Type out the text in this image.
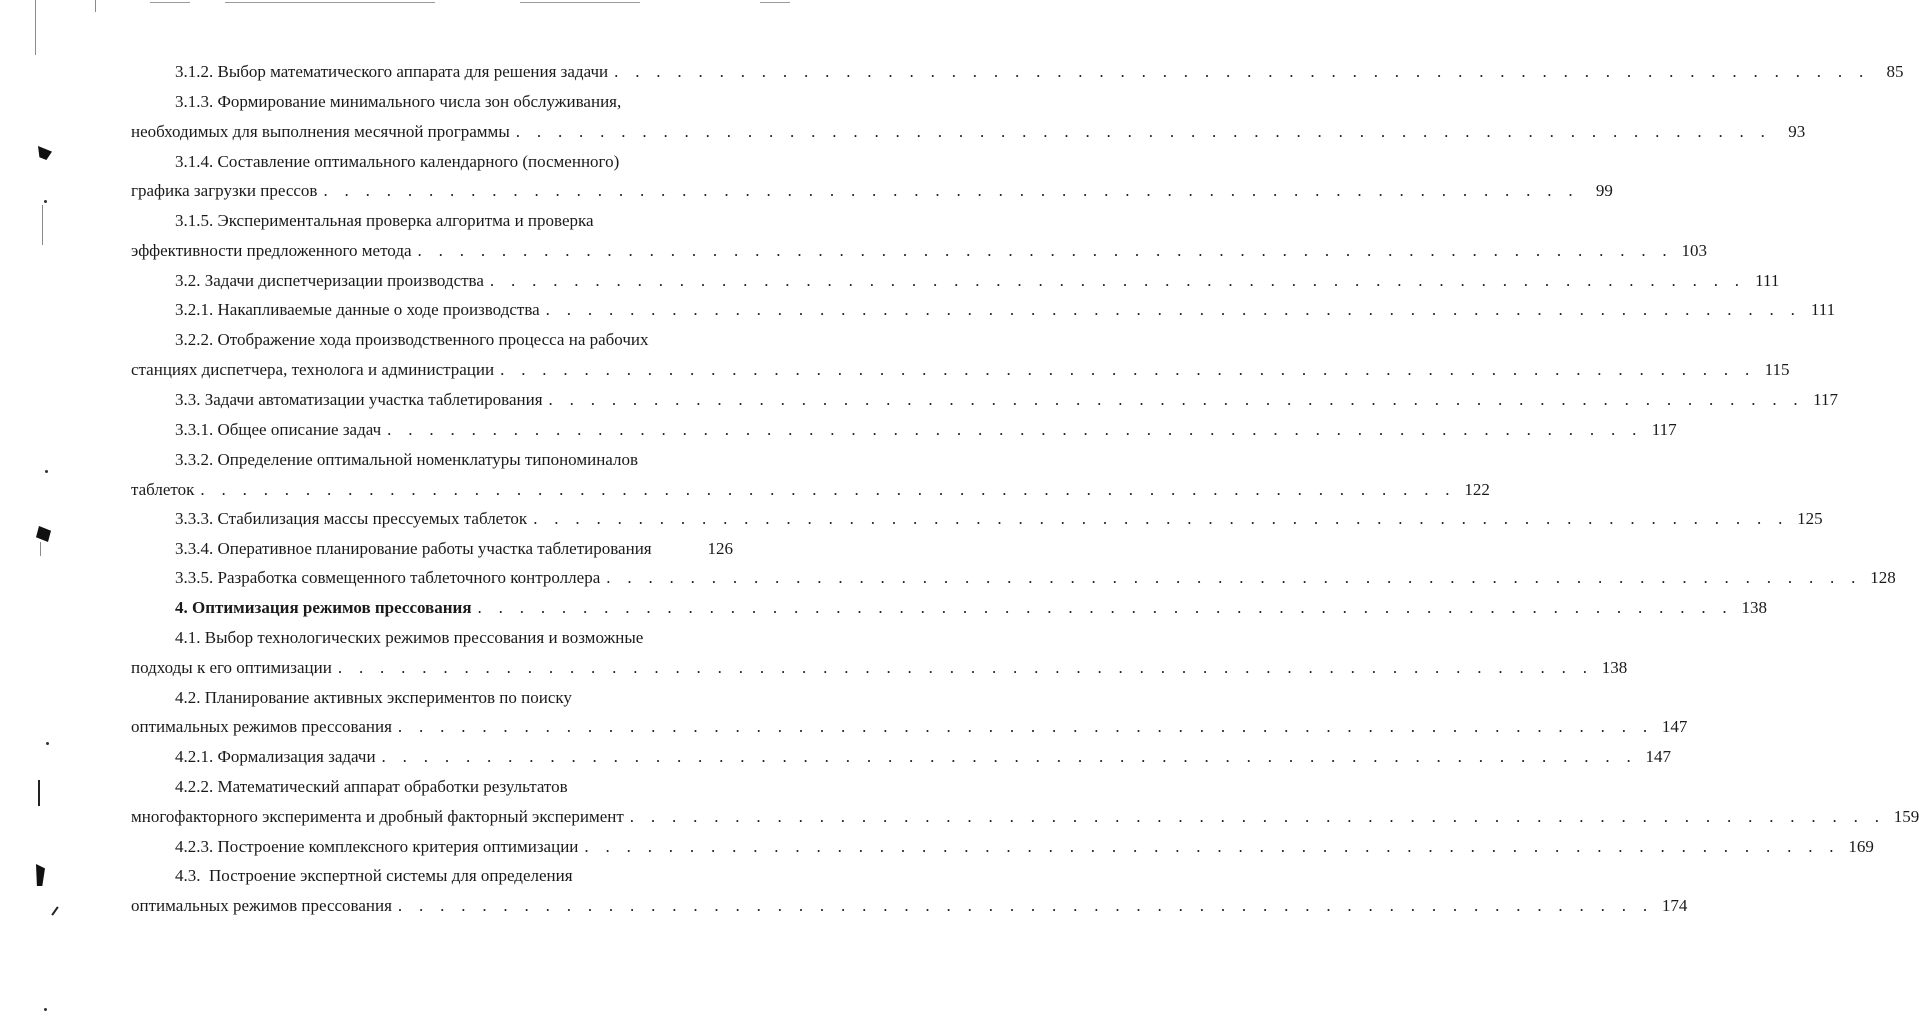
3.1.2. Выбор математического аппарата для решения задачи . . . . . . . . . . . . . . . . . . . . . . . . . . . . . . . . . . . . . . . . . . . . . . . . . . . . . . . . . . . .	85
3.1.3. Формирование минимального числа зон обслуживания,
необходимых для выполнения месячной программы . . . . . . . . . . . . . . . . . . . . . . . . . . . . . . . . . . . . . . . . . . . . . . . . . . . . . . . . . . . .	93
3.1.4. Составление оптимального календарного (посменного)
графика загрузки прессов . . . . . . . . . . . . . . . . . . . . . . . . . . . . . . . . . . . . . . . . . . . . . . . . . . . . . . . . . . . .	99
3.1.5. Экспериментальная проверка алгоритма и проверка
эффективности предложенного метода . . . . . . . . . . . . . . . . . . . . . . . . . . . . . . . . . . . . . . . . . . . . . . . . . . . . . . . . . . . . 103
3.2. Задачи диспетчеризации производства . . . . . . . . . . . . . . . . . . . . . . . . . . . . . . . . . . . . . . . . . . . . . . . . . . . . . . . . . . . . 111
3.2.1. Накапливаемые данные о ходе производства . . . . . . . . . . . . . . . . . . . . . . . . . . . . . . . . . . . . . . . . . . . . . . . . . . . . . . . . . . . . 111
3.2.2. Отображение хода производственного процесса на рабочих
станциях диспетчера, технолога и администрации . . . . . . . . . . . . . . . . . . . . . . . . . . . . . . . . . . . . . . . . . . . . . . . . . . . . . . . . . . . . 115
3.3. Задачи автоматизации участка таблетирования . . . . . . . . . . . . . . . . . . . . . . . . . . . . . . . . . . . . . . . . . . . . . . . . . . . . . . . . . . . . 117
3.3.1. Общее описание задач . . . . . . . . . . . . . . . . . . . . . . . . . . . . . . . . . . . . . . . . . . . . . . . . . . . . . . . . . . . . 117
3.3.2. Определение оптимальной номенклатуры типономиналов
таблеток . . . . . . . . . . . . . . . . . . . . . . . . . . . . . . . . . . . . . . . . . . . . . . . . . . . . . . . . . . . . 122
3.3.3. Стабилизация массы прессуемых таблеток . . . . . . . . . . . . . . . . . . . . . . . . . . . . . . . . . . . . . . . . . . . . . . . . . . . . . . . . . . . . 125
3.3.4. Оперативное планирование работы участка таблетирования	126
3.3.5. Разработка совмещенного таблеточного контроллера . . . . . . . . . . . . . . . . . . . . . . . . . . . . . . . . . . . . . . . . . . . . . . . . . . . . . . . . . . . . 128
4. Оптимизация режимов прессования . . . . . . . . . . . . . . . . . . . . . . . . . . . . . . . . . . . . . . . . . . . . . . . . . . . . . . . . . . . . 138
4.1. Выбор технологических режимов прессования и возможные
подходы к его оптимизации . . . . . . . . . . . . . . . . . . . . . . . . . . . . . . . . . . . . . . . . . . . . . . . . . . . . . . . . . . . . 138
4.2. Планирование активных экспериментов по поиску
оптимальных режимов прессования . . . . . . . . . . . . . . . . . . . . . . . . . . . . . . . . . . . . . . . . . . . . . . . . . . . . . . . . . . . . 147
4.2.1. Формализация задачи . . . . . . . . . . . . . . . . . . . . . . . . . . . . . . . . . . . . . . . . . . . . . . . . . . . . . . . . . . . . 147
4.2.2. Математический аппарат обработки результатов
многофакторного эксперимента и дробный факторный эксперимент . . . . . . . . . . . . . . . . . . . . . . . . . . . . . . . . . . . . . . . . . . . . . . . . . . . . . . . . . . . . 159
4.2.3. Построение комплексного критерия оптимизации . . . . . . . . . . . . . . . . . . . . . . . . . . . . . . . . . . . . . . . . . . . . . . . . . . . . . . . . . . . . 169
4.3.  Построение экспертной системы для определения
оптимальных режимов прессования . . . . . . . . . . . . . . . . . . . . . . . . . . . . . . . . . . . . . . . . . . . . . . . . . . . . . . . . . . . . 174
